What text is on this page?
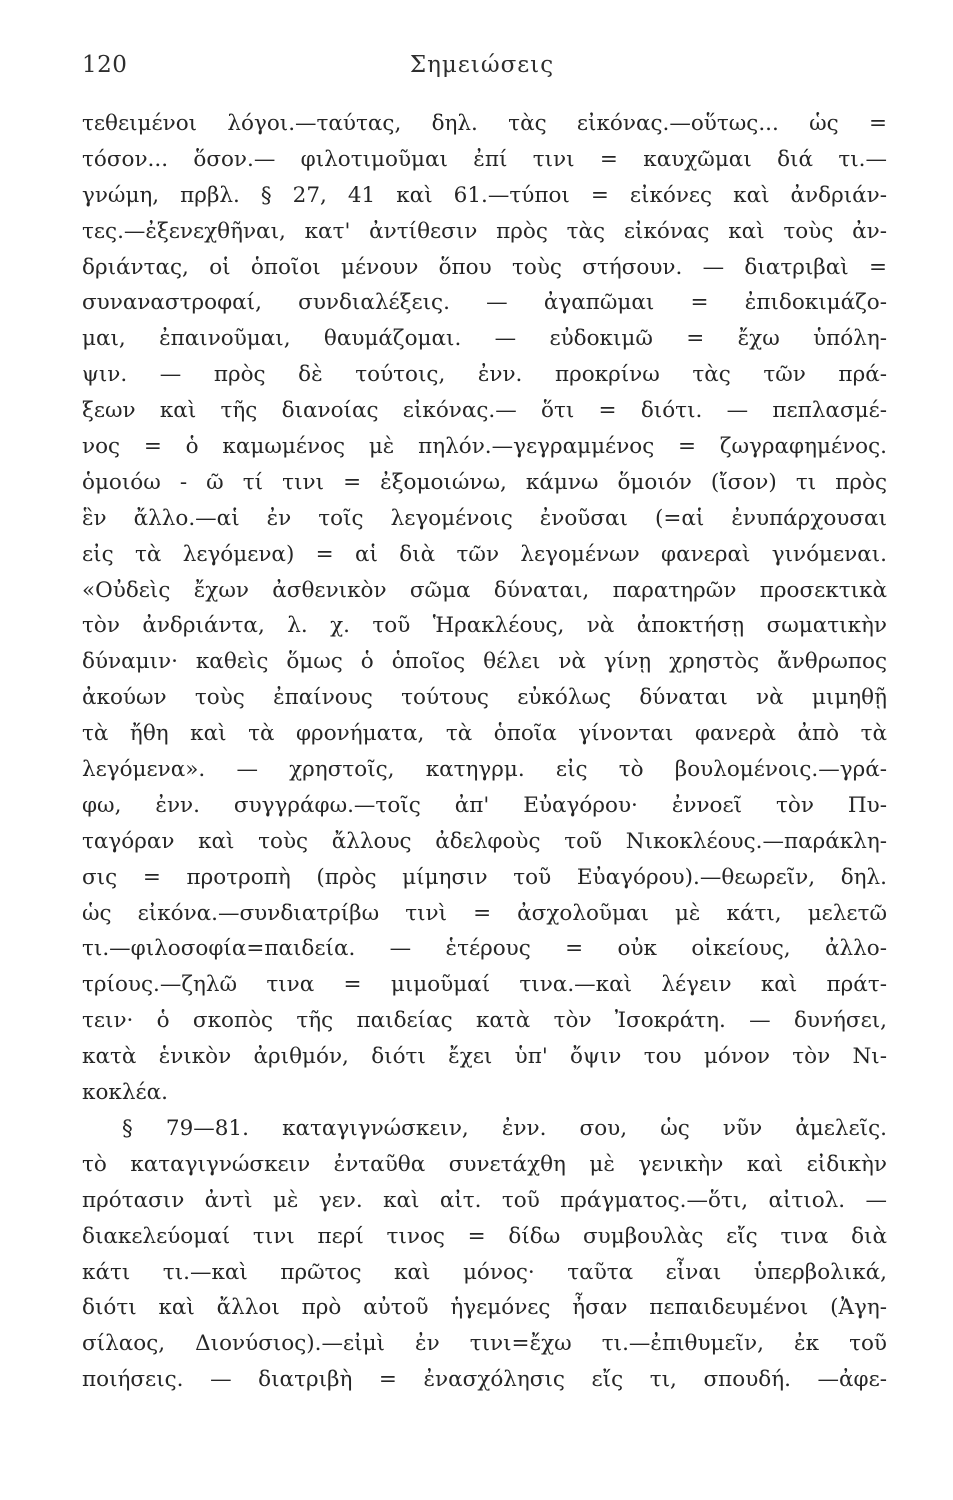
120	Σημειώσεις
τεθειμένοι λόγοι.—ταύτας, δηλ. τὰς εἰκόνας.—οὕτως... ὡς =
τόσον... ὅσον.— φιλοτιμοῦμαι ἐπί τινι = καυχῶμαι διά τι.—
γνώμη, πρβλ. § 27, 41 καὶ 61.—τύποι = εἰκόνες καὶ ἀνδριάν-
τες.—ἐξενεχθῆναι, κατ' ἀντίθεσιν πρὸς τὰς εἰκόνας καὶ τοὺς ἀν-
δριάντας, οἱ ὁποῖοι μένουν ὅπου τοὺς στήσουν. — διατριβαὶ =
συναναστροφαί, συνδιαλέξεις. — ἀγαπῶμαι = ἐπιδοκιμάζο-
μαι, ἐπαινοῦμαι, θαυμάζομαι. — εὐδοκιμῶ = ἔχω ὑπόλη-
ψιν. — πρὸς δὲ τούτοις, ἐνν. προκρίνω τὰς τῶν πρά-
ξεων καὶ τῆς διανοίας εἰκόνας.— ὅτι = διότι. — πεπλασμέ-
νος = ὁ καμωμένος μὲ πηλόν.—γεγραμμένος = ζωγραφημένος.
ὁμοιόω - ῶ τί τινι = ἐξομοιώνω, κάμνω ὅμοιόν (ἴσον) τι πρὸς
ἓν ἄλλο.—αἱ ἐν τοῖς λεγομένοις ἐνοῦσαι (=αἱ ἐνυπάρχουσαι
εἰς τὰ λεγόμενα) = αἱ διὰ τῶν λεγομένων φανεραὶ γινόμεναι.
«Οὐδεὶς ἔχων ἀσθενικὸν σῶμα δύναται, παρατηρῶν προσεκτικὰ
τὸν ἀνδριάντα, λ. χ. τοῦ Ἡρακλέους, νὰ ἀποκτήσῃ σωματικὴν
δύναμιν· καθεὶς ὅμως ὁ ὁποῖος θέλει νὰ γίνῃ χρηστὸς ἄνθρωπος
ἀκούων τοὺς ἐπαίνους τούτους εὐκόλως δύναται νὰ μιμηθῇ
τὰ ἤθη καὶ τὰ φρονήματα, τὰ ὁποῖα γίνονται φανερὰ ἀπὸ τὰ
λεγόμενα». — χρηστοῖς, κατηγρμ. εἰς τὸ βουλομένοις.—γρά-
φω, ἐνν. συγγράφω.—τοῖς ἀπ' Εὐαγόρου· ἐννοεῖ τὸν Πυ-
ταγόραν καὶ τοὺς ἄλλους ἀδελφοὺς τοῦ Νικοκλέους.—παράκλη-
σις = προτροπὴ (πρὸς μίμησιν τοῦ Εὐαγόρου).—θεωρεῖν, δηλ.
ὡς εἰκόνα.—συνδιατρίβω τινὶ = ἀσχολοῦμαι μὲ κάτι, μελετῶ
τι.—φιλοσοφία=παιδεία. — ἑτέρους = οὐκ οἰκείους, ἀλλο-
τρίους.—ζηλῶ τινα = μιμοῦμαί τινα.—καὶ λέγειν καὶ πράτ-
τειν· ὁ σκοπὸς τῆς παιδείας κατὰ τὸν Ἰσοκράτη. — δυνήσει,
κατὰ ἑνικὸν ἀριθμόν, διότι ἔχει ὑπ' ὄψιν του μόνον τὸν Νι-
κοκλέα.
§ 79—81. καταγιγνώσκειν, ἐνν. σου, ὡς νῦν ἀμελεῖς.
τὸ καταγιγνώσκειν ἐνταῦθα συνετάχθη μὲ γενικὴν καὶ εἰδικὴν
πρότασιν ἀντὶ μὲ γεν. καὶ αἰτ. τοῦ πράγματος.—ὅτι, αἰτιολ. —
διακελεύομαί τινι περί τινος = δίδω συμβουλὰς εἴς τινα διὰ
κάτι τι.—καὶ πρῶτος καὶ μόνος· ταῦτα εἶναι ὑπερβολικά,
διότι καὶ ἄλλοι πρὸ αὐτοῦ ἡγεμόνες ἦσαν πεπαιδευμένοι (Ἀγη-
σίλαος, Διονύσιος).—εἰμὶ ἐν τινι=ἔχω τι.—ἐπιθυμεῖν, ἐκ τοῦ
ποιήσεις. — διατριβὴ = ἐνασχόλησις εἴς τι, σπουδή. —ἀφε-
